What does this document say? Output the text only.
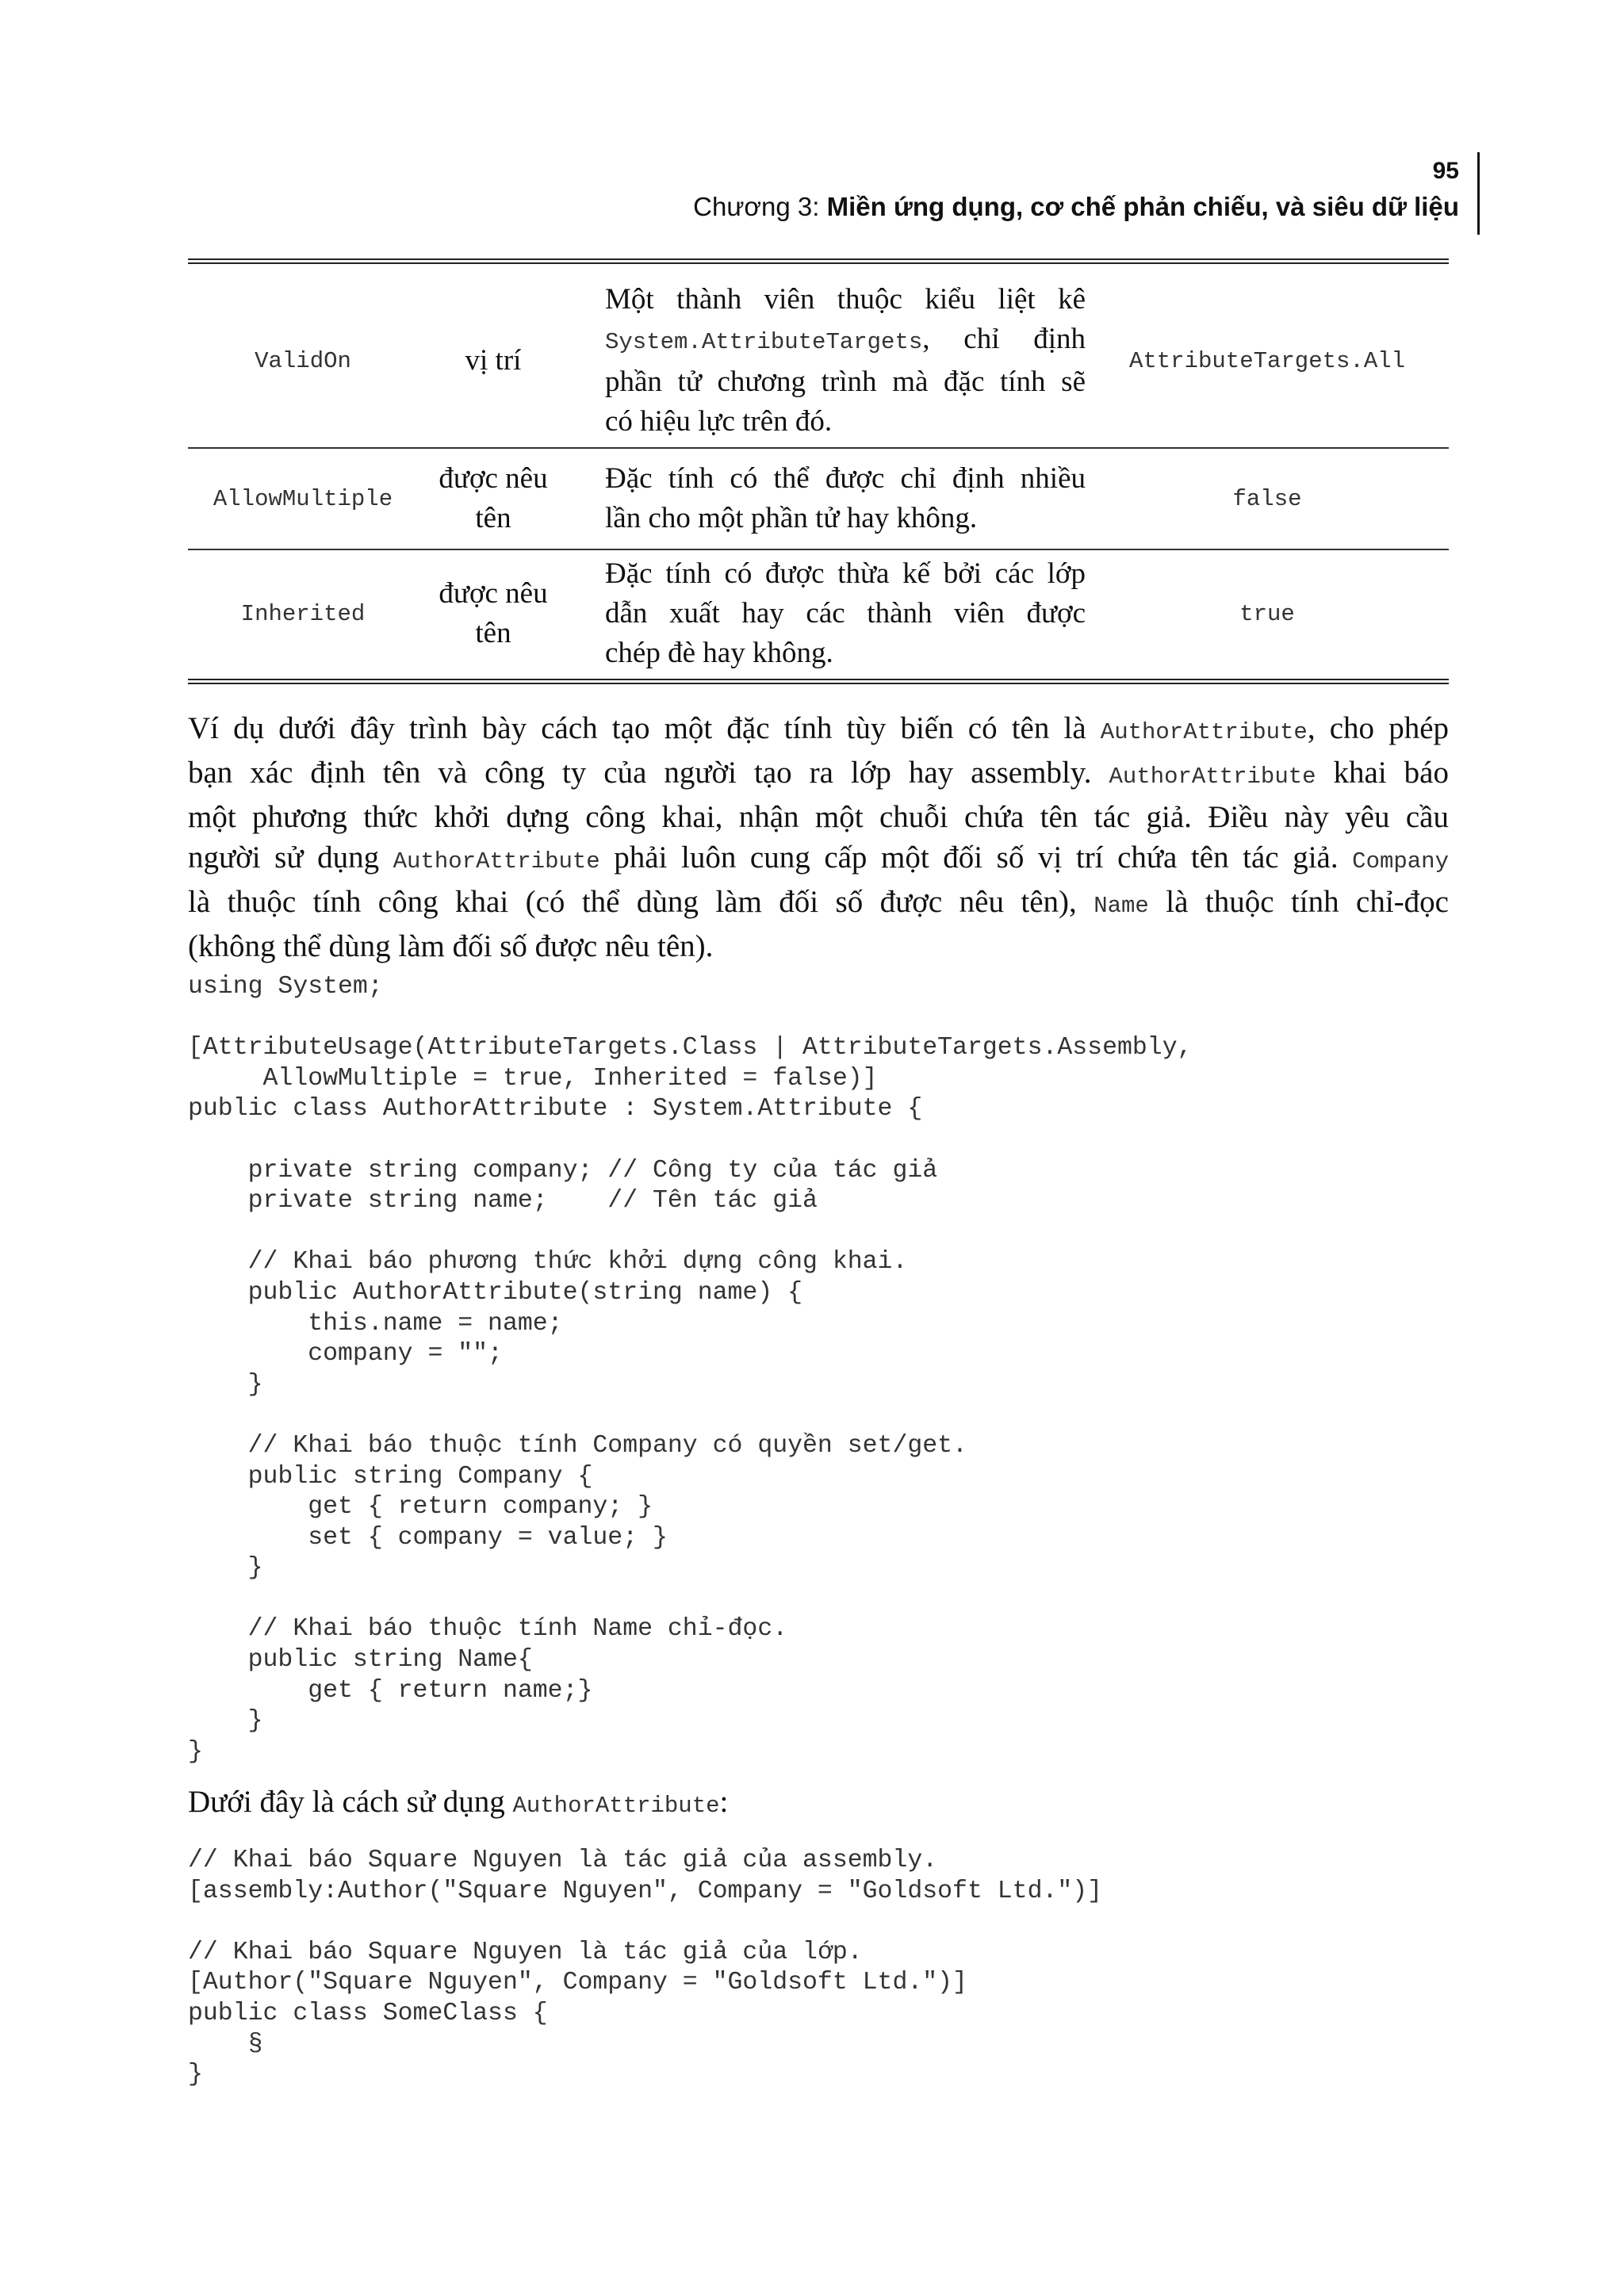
95
Chương 3: Miền ứng dụng, cơ chế phản chiếu, và siêu dữ liệu
ValidOn	vị trí
Một thành viên thuộc kiểu liệt kê
System.AttributeTargets, chỉ định
phần tử chương trình mà đặc tính sẽ
có hiệu lực trên đó.
AttributeTargets.All
AllowMultiple
được nêu
tên
Đặc tính có thể được chỉ định nhiều
lần cho một phần tử hay không.
false
Inherited
được nêu
tên
Đặc tính có được thừa kế bởi các lớp
dẫn xuất hay các thành viên được
chép đè hay không.
true
Ví dụ dưới đây trình bày cách tạo một đặc tính tùy biến có tên là AuthorAttribute, cho phép
bạn xác định tên và công ty của người tạo ra lớp hay assembly. AuthorAttribute khai báo
một phương thức khởi dựng công khai, nhận một chuỗi chứa tên tác giả. Điều này yêu cầu
người sử dụng AuthorAttribute phải luôn cung cấp một đối số vị trí chứa tên tác giả. Company
là thuộc tính công khai (có thể dùng làm đối số được nêu tên), Name là thuộc tính chỉ-đọc
(không thể dùng làm đối số được nêu tên).
using System;

[AttributeUsage(AttributeTargets.Class | AttributeTargets.Assembly,
AllowMultiple = true, Inherited = false)]
public class AuthorAttribute : System.Attribute {

private string company; // Công ty của tác giả
private string name;    // Tên tác giả

// Khai báo phương thức khởi dựng công khai.
public AuthorAttribute(string name) {
this.name = name;
company = "";
}

// Khai báo thuộc tính Company có quyền set/get.
public string Company {
get { return company; }
set { company = value; }
}

// Khai báo thuộc tính Name chỉ-đọc.
public string Name{
get { return name;}
}
}
Dưới đây là cách sử dụng AuthorAttribute:
// Khai báo Square Nguyen là tác giả của assembly.
[assembly:Author("Square Nguyen", Company = "Goldsoft Ltd.")]

// Khai báo Square Nguyen là tác giả của lớp.
[Author("Square Nguyen", Company = "Goldsoft Ltd.")]
public class SomeClass {
§
}
